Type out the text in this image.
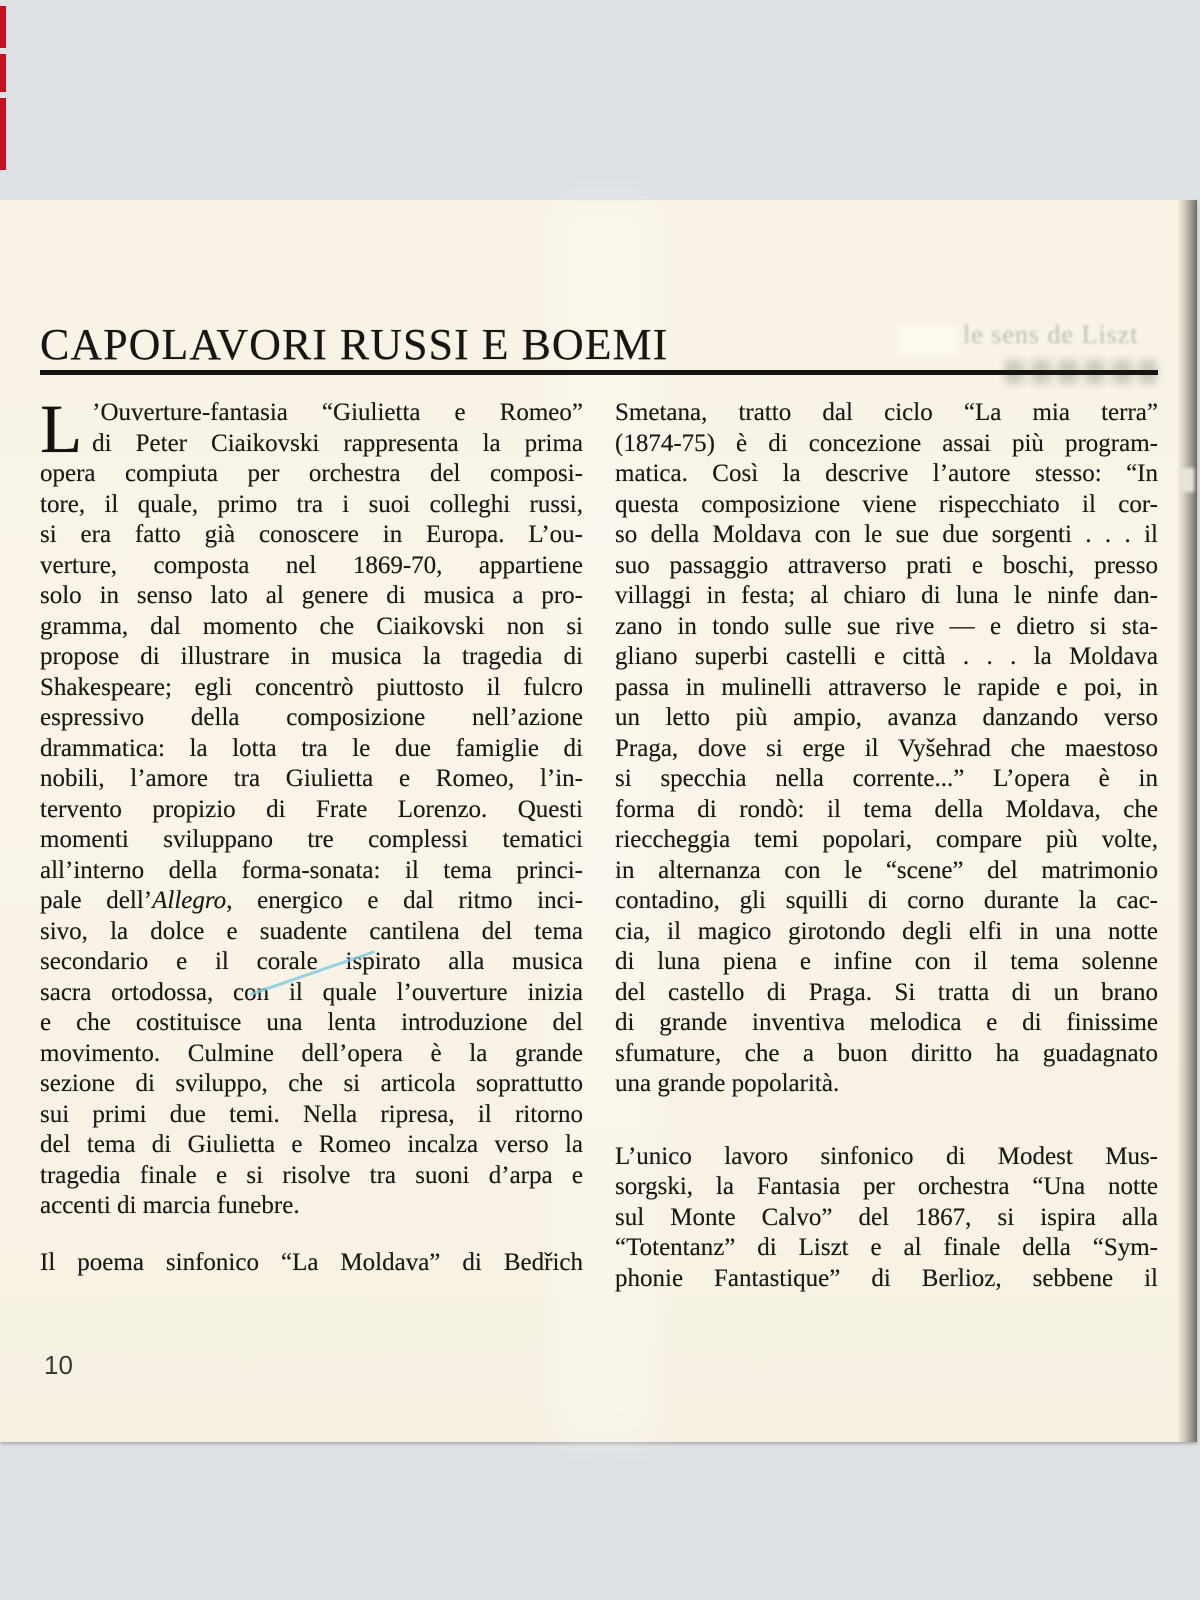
le sens de Liszt
CAPOLAVORI RUSSI E BOEMI
L ’Ouverture-fantasia “Giulietta e Romeo”
di Peter Ciaikovski rappresenta la prima
opera compiuta per orchestra del composi-
tore, il quale, primo tra i suoi colleghi russi,
si era fatto già conoscere in Europa. L’ou-
verture, composta nel 1869-70, appartiene
solo in senso lato al genere di musica a pro-
gramma, dal momento che Ciaikovski non si
propose di illustrare in musica la tragedia di
Shakespeare; egli concentrò piuttosto il fulcro
espressivo della composizione nell’azione
drammatica: la lotta tra le due famiglie di
nobili, l’amore tra Giulietta e Romeo, l’in-
tervento propizio di Frate Lorenzo. Questi
momenti sviluppano tre complessi tematici
all’interno della forma-sonata: il tema princi-
pale dell’Allegro, energico e dal ritmo inci-
sivo, la dolce e suadente cantilena del tema
secondario e il corale ispirato alla musica
sacra ortodossa, con il quale l’ouverture inizia
e che costituisce una lenta introduzione del
movimento. Culmine dell’opera è la grande
sezione di sviluppo, che si articola soprattutto
sui primi due temi. Nella ripresa, il ritorno
del tema di Giulietta e Romeo incalza verso la
tragedia finale e si risolve tra suoni d’arpa e
accenti di marcia funebre.
Il poema sinfonico “La Moldava” di Bedřich
Smetana, tratto dal ciclo “La mia terra”
(1874-75) è di concezione assai più program-
matica. Così la descrive l’autore stesso: “In
questa composizione viene rispecchiato il cor-
so della Moldava con le sue due sorgenti . . . il
suo passaggio attraverso prati e boschi, presso
villaggi in festa; al chiaro di luna le ninfe dan-
zano in tondo sulle sue rive — e dietro si sta-
gliano superbi castelli e città . . . la Moldava
passa in mulinelli attraverso le rapide e poi, in
un letto più ampio, avanza danzando verso
Praga, dove si erge il Vyšehrad che maestoso
si specchia nella corrente...” L’opera è in
forma di rondò: il tema della Moldava, che
rieccheggia temi popolari, compare più volte,
in alternanza con le “scene” del matrimonio
contadino, gli squilli di corno durante la cac-
cia, il magico girotondo degli elfi in una notte
di luna piena e infine con il tema solenne
del castello di Praga. Si tratta di un brano
di grande inventiva melodica e di finissime
sfumature, che a buon diritto ha guadagnato
una grande popolarità.
L’unico lavoro sinfonico di Modest Mus-
sorgski, la Fantasia per orchestra “Una notte
sul Monte Calvo” del 1867, si ispira alla
“Totentanz” di Liszt e al finale della “Sym-
phonie Fantastique” di Berlioz, sebbene il
10
